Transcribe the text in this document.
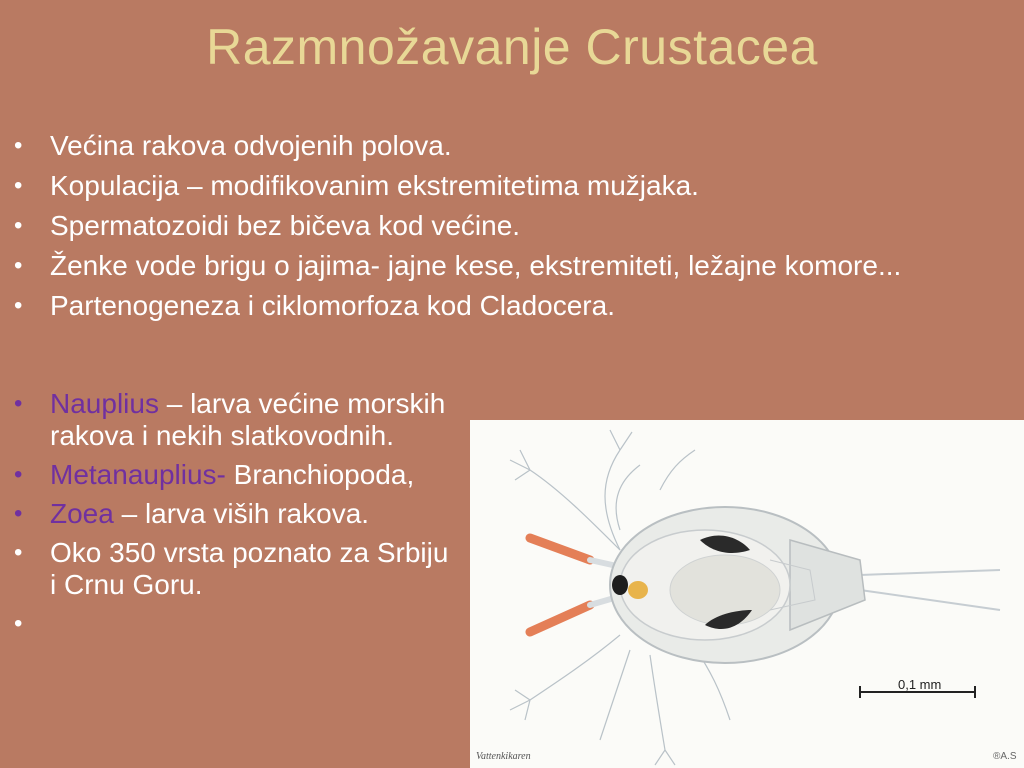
Razmnožavanje Crustacea
• Većina rakova odvojenih polova.
• Kopulacija – modifikovanim ekstremitetima mužjaka.
• Spermatozoidi bez bičeva kod većine.
• Ženke vode brigu o jajima- jajne kese, ekstremiteti, ležajne komore...
• Partenogeneza i ciklomorfoza kod Cladocera.
• Nauplius – larva većine morskih rakova i nekih slatkovodnih.
• Metanauplius- Branchiopoda,
• Zoea – larva viših rakova.
• Oko 350 vrsta poznato za Srbiju i Crnu Goru.
•
0,1 mm
Vattenkikaren	®A.S
